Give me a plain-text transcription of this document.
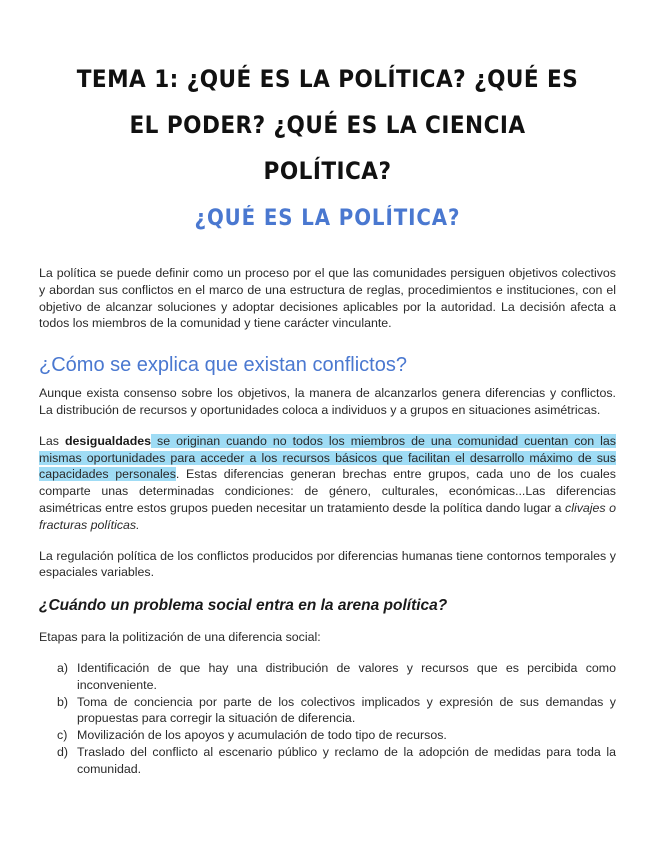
TEMA 1: ¿QUÉ ES LA POLÍTICA? ¿QUÉ ES EL PODER? ¿QUÉ ES LA CIENCIA POLÍTICA?
¿QUÉ ES LA POLÍTICA?

La política se puede definir como un proceso por el que las comunidades persiguen objetivos colectivos y abordan sus conflictos en el marco de una estructura de reglas, procedimientos e instituciones, con el objetivo de alcanzar soluciones y adoptar decisiones aplicables por la autoridad. La decisión afecta a todos los miembros de la comunidad y tiene carácter vinculante.

¿Cómo se explica que existan conflictos?

Aunque exista consenso sobre los objetivos, la manera de alcanzarlos genera diferencias y conflictos. La distribución de recursos y oportunidades coloca a individuos y a grupos en situaciones asimétricas.

Las desigualdades se originan cuando no todos los miembros de una comunidad cuentan con las mismas oportunidades para acceder a los recursos básicos que facilitan el desarrollo máximo de sus capacidades personales. Estas diferencias generan brechas entre grupos, cada uno de los cuales comparte unas determinadas condiciones: de género, culturales, económicas...Las diferencias asimétricas entre estos grupos pueden necesitar un tratamiento desde la política dando lugar a clivajes o fracturas políticas.

La regulación política de los conflictos producidos por diferencias humanas tiene contornos temporales y espaciales variables.

¿Cuándo un problema social entra en la arena política?

Etapas para la politización de una diferencia social:

a) Identificación de que hay una distribución de valores y recursos que es percibida como inconveniente.
b) Toma de conciencia por parte de los colectivos implicados y expresión de sus demandas y propuestas para corregir la situación de diferencia.
c) Movilización de los apoyos y acumulación de todo tipo de recursos.
d) Traslado del conflicto al escenario público y reclamo de la adopción de medidas para toda la comunidad.
